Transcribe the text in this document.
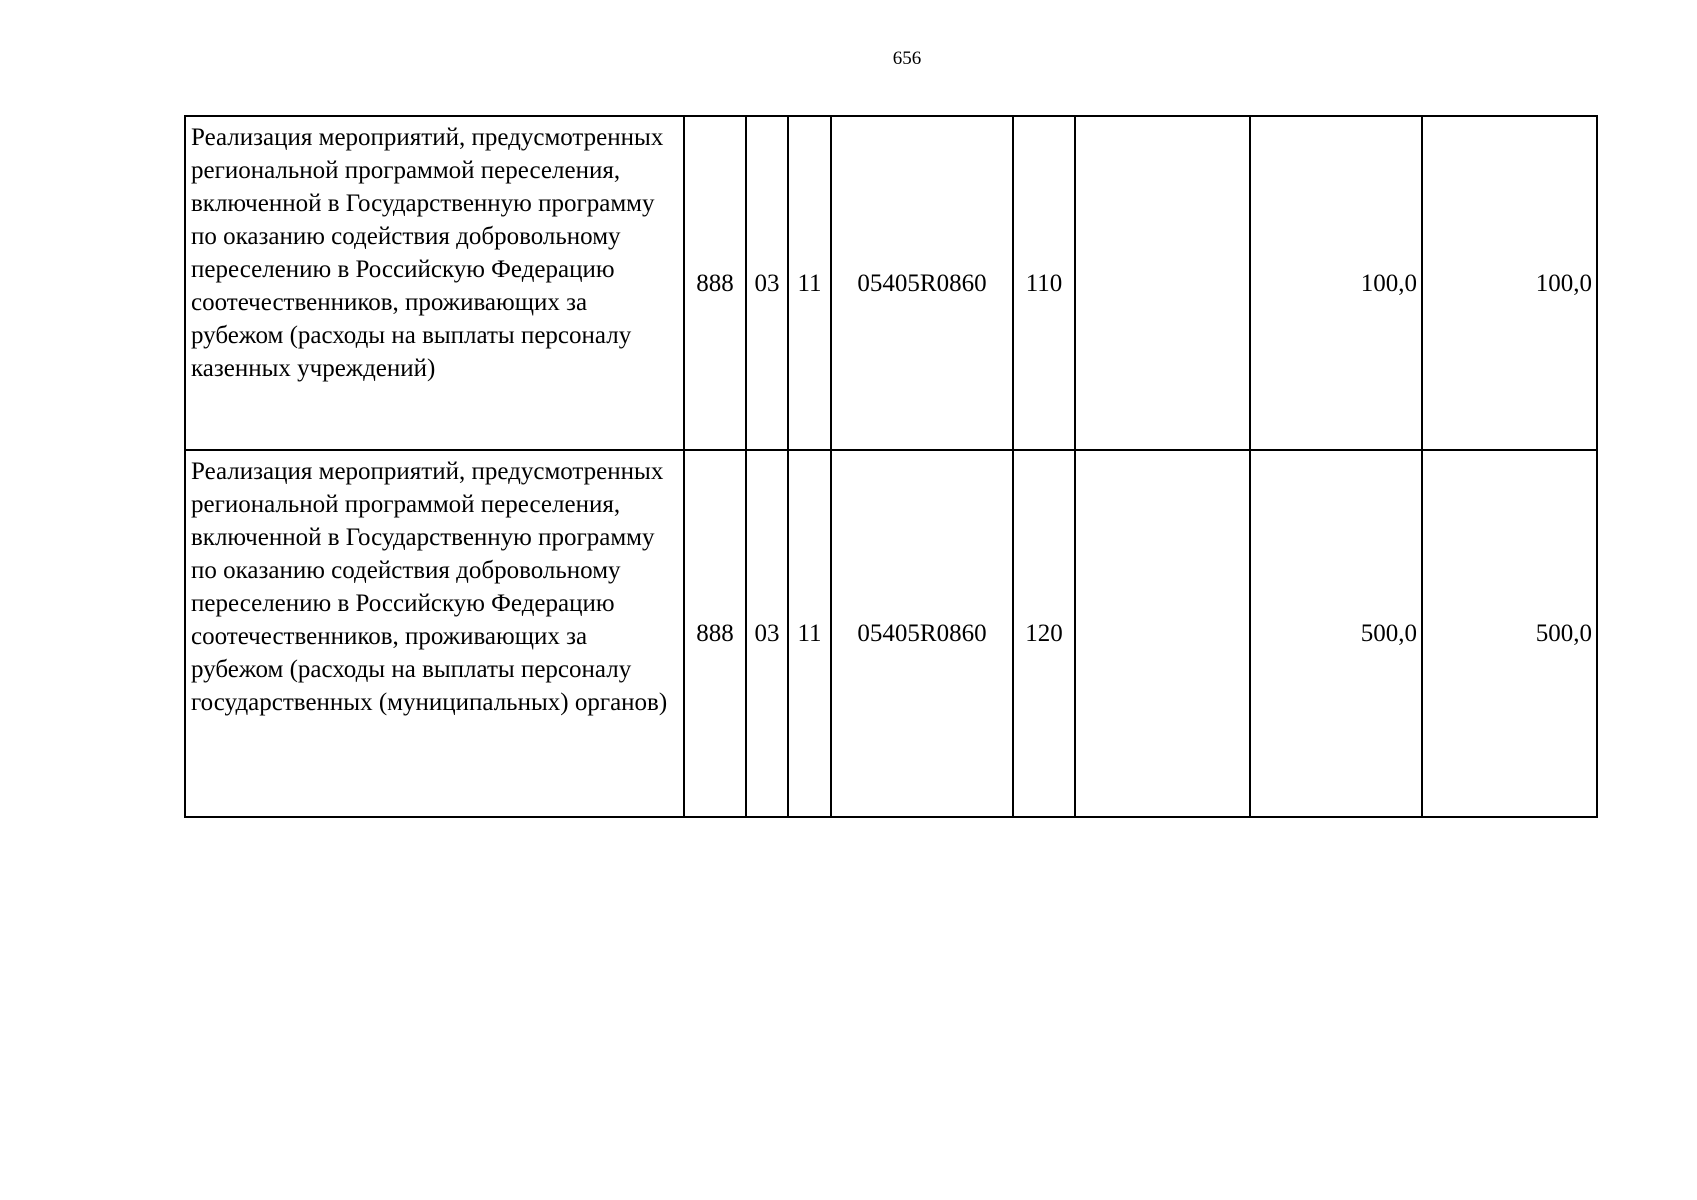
656
Реализация мероприятий, предусмотренных региональной программой переселения, включенной в Государственную программу по оказанию содействия добровольному переселению в Российскую Федерацию соотечественников, проживающих за рубежом (расходы на выплаты персоналу казенных учреждений)	888	03	11	05405R0860	110		100,0	100,0
Реализация мероприятий, предусмотренных региональной программой переселения, включенной в Государственную программу по оказанию содействия добровольному переселению в Российскую Федерацию соотечественников, проживающих за рубежом (расходы на выплаты персоналу государственных (муниципальных) органов)	888	03	11	05405R0860	120		500,0	500,0
